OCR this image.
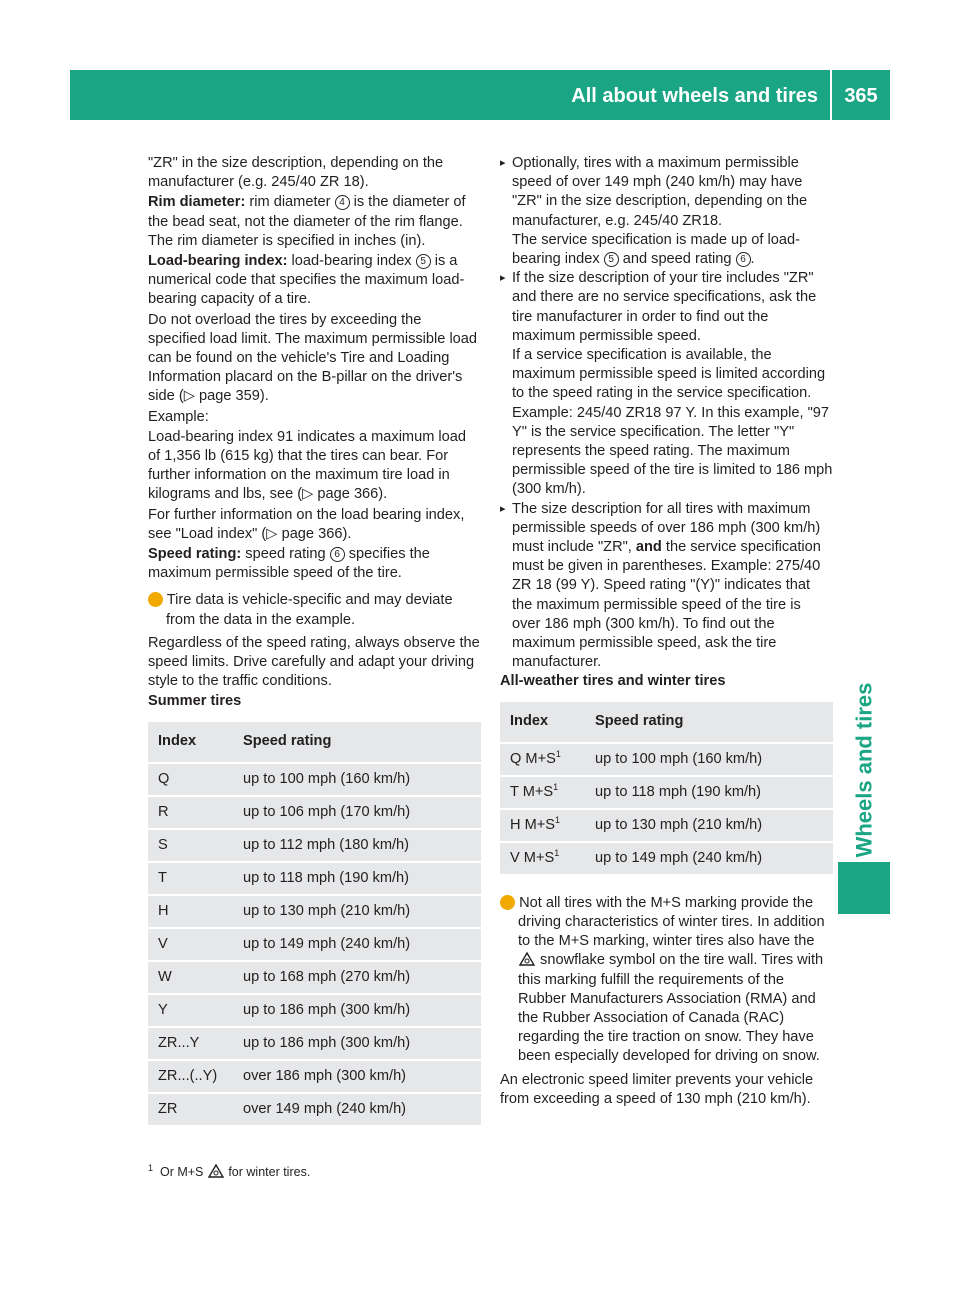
All about wheels and tires 365
Wheels and tires

"ZR" in the size description, depending on the manufacturer (e.g. 245/40 ZR 18).

Rim diameter: rim diameter 4 is the diameter of the bead seat, not the diameter of the rim flange. The rim diameter is specified in inches (in).

Load-bearing index: load-bearing index 5 is a numerical code that specifies the maximum load-bearing capacity of a tire.

Do not overload the tires by exceeding the specified load limit. The maximum permissible load can be found on the vehicle's Tire and Loading Information placard on the B-pillar on the driver's side (▷ page 359).

Example:

Load-bearing index 91 indicates a maximum load of 1,356 lb (615 kg) that the tires can bear. For further information on the maximum tire load in kilograms and lbs, see (▷ page 366).

For further information on the load bearing index, see "Load index" (▷ page 366).

Speed rating: speed rating 6 specifies the maximum permissible speed of the tire.

i Tire data is vehicle-specific and may deviate from the data in the example.

Regardless of the speed rating, always observe the speed limits. Drive carefully and adapt your driving style to the traffic conditions.

Summer tires

Index	Speed rating
Q	up to 100 mph (160 km/h)
R	up to 106 mph (170 km/h)
S	up to 112 mph (180 km/h)
T	up to 118 mph (190 km/h)
H	up to 130 mph (210 km/h)
V	up to 149 mph (240 km/h)
W	up to 168 mph (270 km/h)
Y	up to 186 mph (300 km/h)
ZR...Y	up to 186 mph (300 km/h)
ZR...(..Y)	over 186 mph (300 km/h)
ZR	over 149 mph (240 km/h)

▸ Optionally, tires with a maximum permissible speed of over 149 mph (240 km/h) may have "ZR" in the size description, depending on the manufacturer, e.g. 245/40 ZR18.

The service specification is made up of load-bearing index 5 and speed rating 6 .

▸ If the size description of your tire includes "ZR" and there are no service specifications, ask the tire manufacturer in order to find out the maximum permissible speed.

If a service specification is available, the maximum permissible speed is limited according to the speed rating in the service specification. Example: 245/40 ZR18 97 Y. In this example, "97 Y" is the service specification. The letter "Y" represents the speed rating. The maximum permissible speed of the tire is limited to 186 mph (300 km/h).

▸ The size description for all tires with maximum permissible speeds of over 186 mph (300 km/h) must include "ZR", and the service specification must be given in parentheses. Example: 275/40 ZR 18 (99 Y). Speed rating "(Y)" indicates that the maximum permissible speed of the tire is over 186 mph (300 km/h). To find out the maximum permissible speed, ask the tire manufacturer.

All-weather tires and winter tires

Index	Speed rating
Q $M+S^1$	up to 100 mph (160 km/h)
T $M+S^1$	up to 118 mph (190 km/h)
H $M+S^1$	up to 130 mph (210 km/h)
V $M+S^1$	up to 149 mph (240 km/h)

i Not all tires with the M+S marking provide the driving characteristics of winter tires. In addition to the M+S marking, winter tires also have the  snowflake symbol on the tire wall. Tires with this marking fulfill the requirements of the Rubber Manufacturers Association (RMA) and the Rubber Association of Canada (RAC) regarding the tire traction on snow. They have been especially developed for driving on snow.

An electronic speed limiter prevents your vehicle from exceeding a speed of 130 mph (210 km/h).

$^1$ Or M+S  for winter tires.
